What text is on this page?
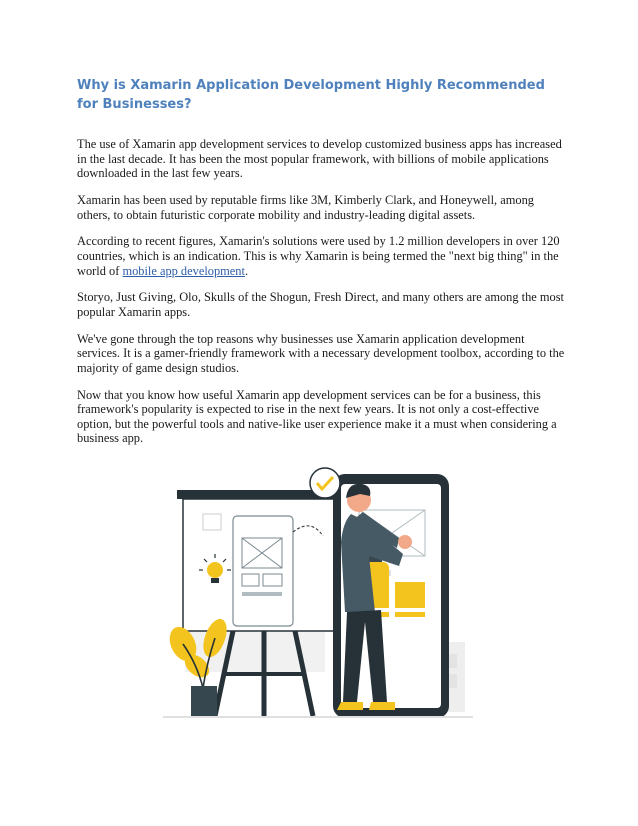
Why is Xamarin Application Development Highly Recommended for Businesses?

The use of Xamarin app development services to develop customized business apps has increased in the last decade. It has been the most popular framework, with billions of mobile applications downloaded in the last few years.

Xamarin has been used by reputable firms like 3M, Kimberly Clark, and Honeywell, among others, to obtain futuristic corporate mobility and industry-leading digital assets.

According to recent figures, Xamarin's solutions were used by 1.2 million developers in over 120 countries, which is an indication. This is why Xamarin is being termed the "next big thing" in the world of mobile app development.

Storyo, Just Giving, Olo, Skulls of the Shogun, Fresh Direct, and many others are among the most popular Xamarin apps.

We've gone through the top reasons why businesses use Xamarin application development services. It is a gamer-friendly framework with a necessary development toolbox, according to the majority of game design studios.

Now that you know how useful Xamarin app development services can be for a business, this framework's popularity is expected to rise in the next few years. It is not only a cost-effective option, but the powerful tools and native-like user experience make it a must when considering a business app.
